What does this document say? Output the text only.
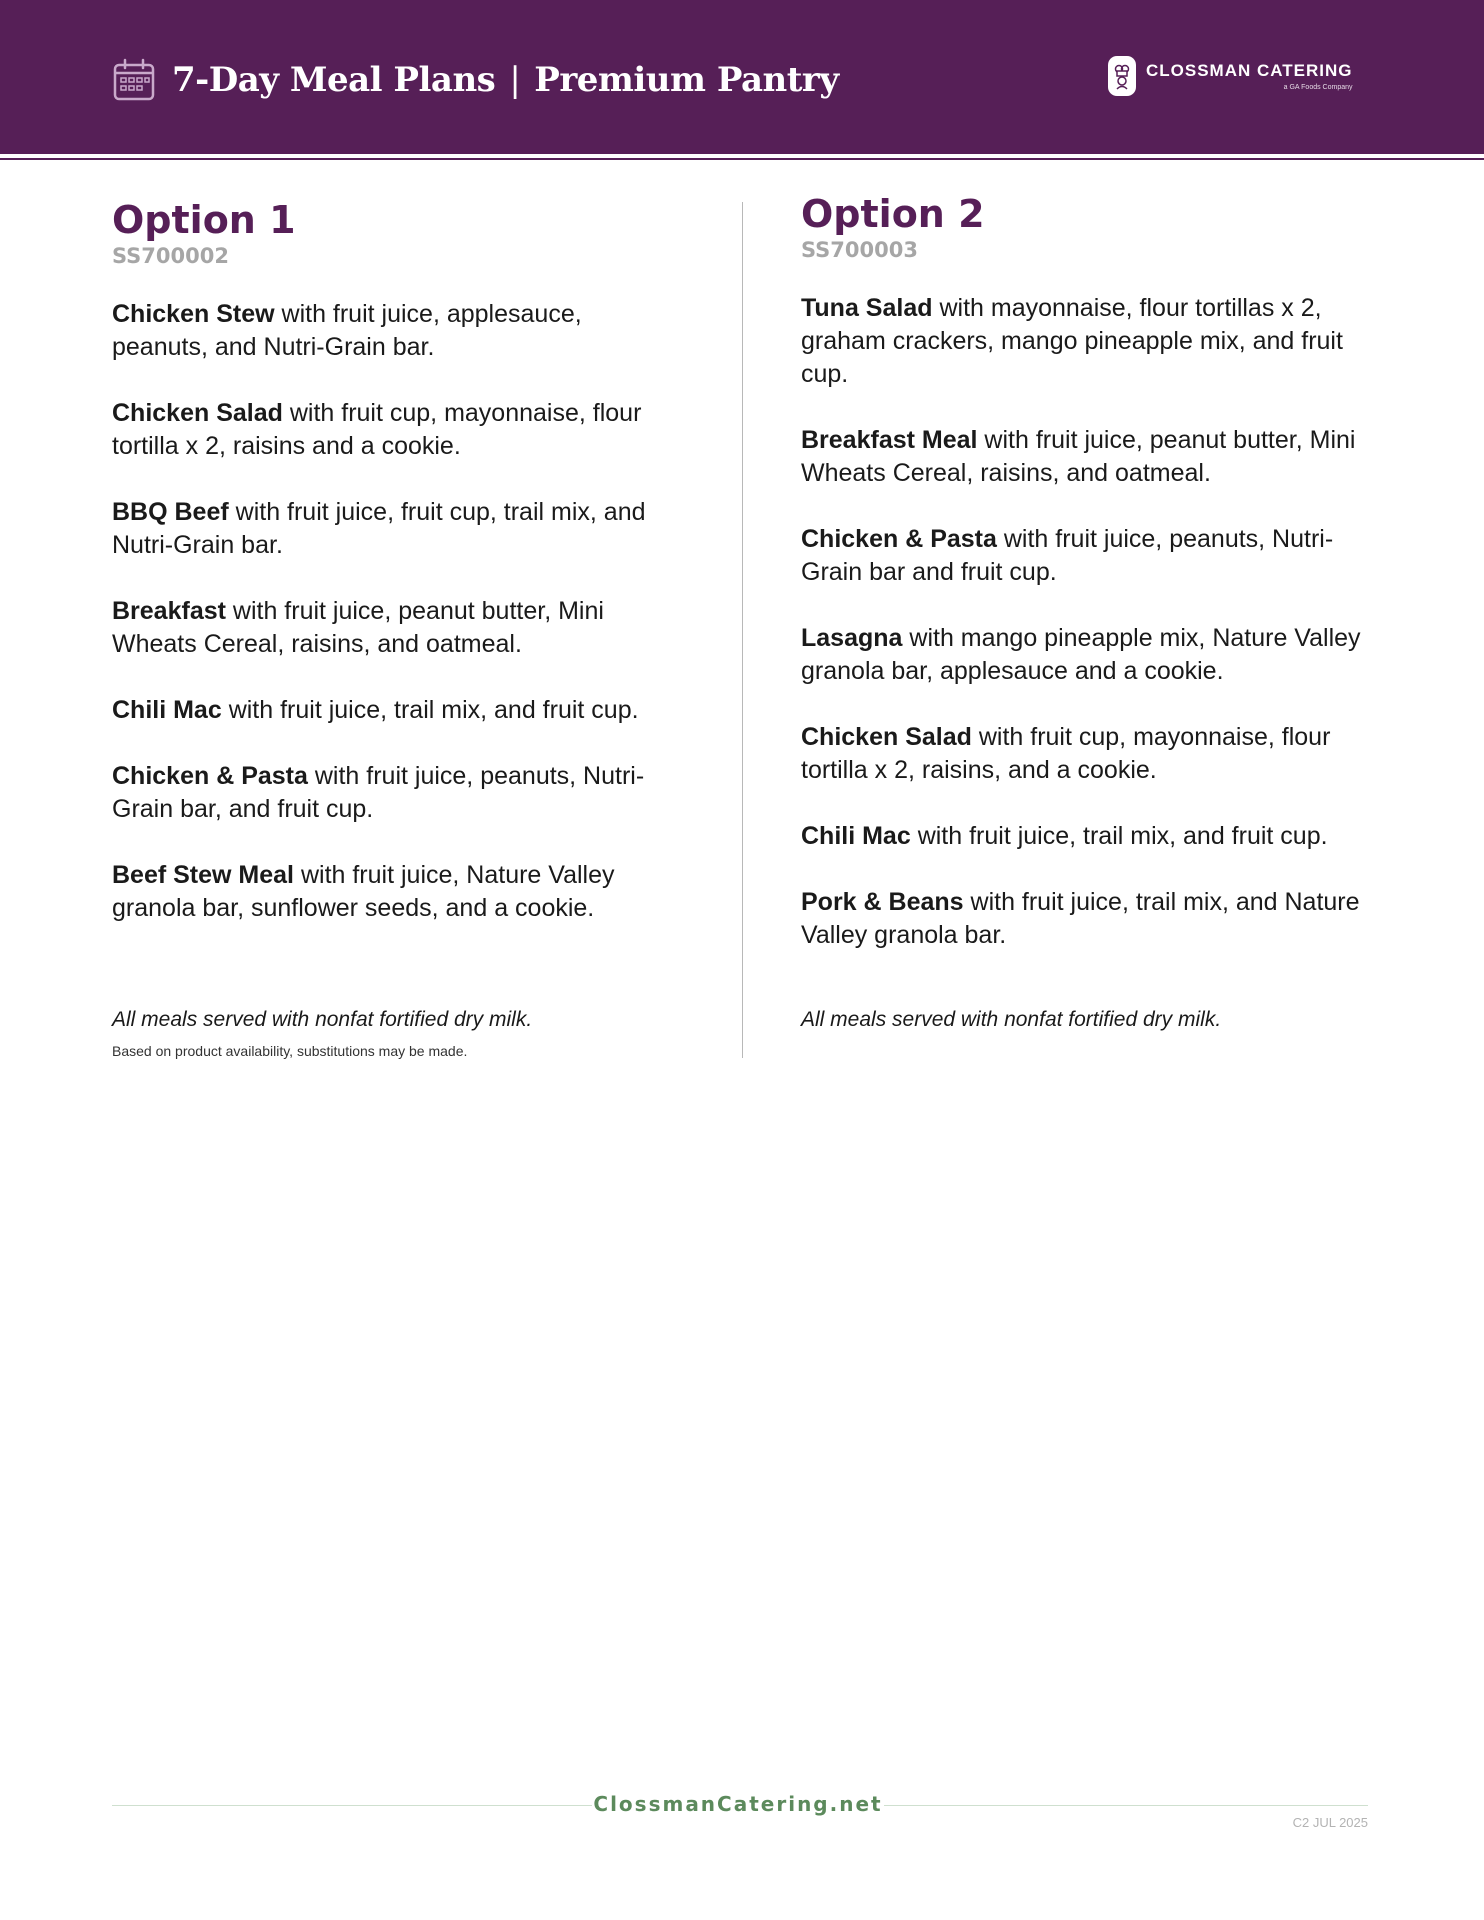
7-Day Meal Plans | Premium Pantry	CLOSSMAN CATERING
a GA Foods Company
Option 1
SS700002

Chicken Stew with fruit juice, applesauce, peanuts, and Nutri-Grain bar.

Chicken Salad with fruit cup, mayonnaise, flour tortilla x 2, raisins and a cookie.

BBQ Beef with fruit juice, fruit cup, trail mix, and Nutri-Grain bar.

Breakfast with fruit juice, peanut butter, Mini Wheats Cereal, raisins, and oatmeal.

Chili Mac with fruit juice, trail mix, and fruit cup.

Chicken & Pasta with fruit juice, peanuts, Nutri-Grain bar, and fruit cup.

Beef Stew Meal with fruit juice, Nature Valley granola bar, sunflower seeds, and a cookie.

Option 2
SS700003

Tuna Salad with mayonnaise, flour tortillas x 2, graham crackers, mango pineapple mix, and fruit cup.

Breakfast Meal with fruit juice, peanut butter, Mini Wheats Cereal, raisins, and oatmeal.

Chicken & Pasta with fruit juice, peanuts, Nutri-Grain bar and fruit cup.

Lasagna with mango pineapple mix, Nature Valley granola bar, applesauce and a cookie.

Chicken Salad with fruit cup, mayonnaise, flour tortilla x 2, raisins, and a cookie.

Chili Mac with fruit juice, trail mix, and fruit cup.

Pork & Beans with fruit juice, trail mix, and Nature Valley granola bar.

All meals served with nonfat fortified dry milk.
Based on product availability, substitutions may be made.
All meals served with nonfat fortified dry milk.
ClossmanCatering.net
C2 JUL 2025
